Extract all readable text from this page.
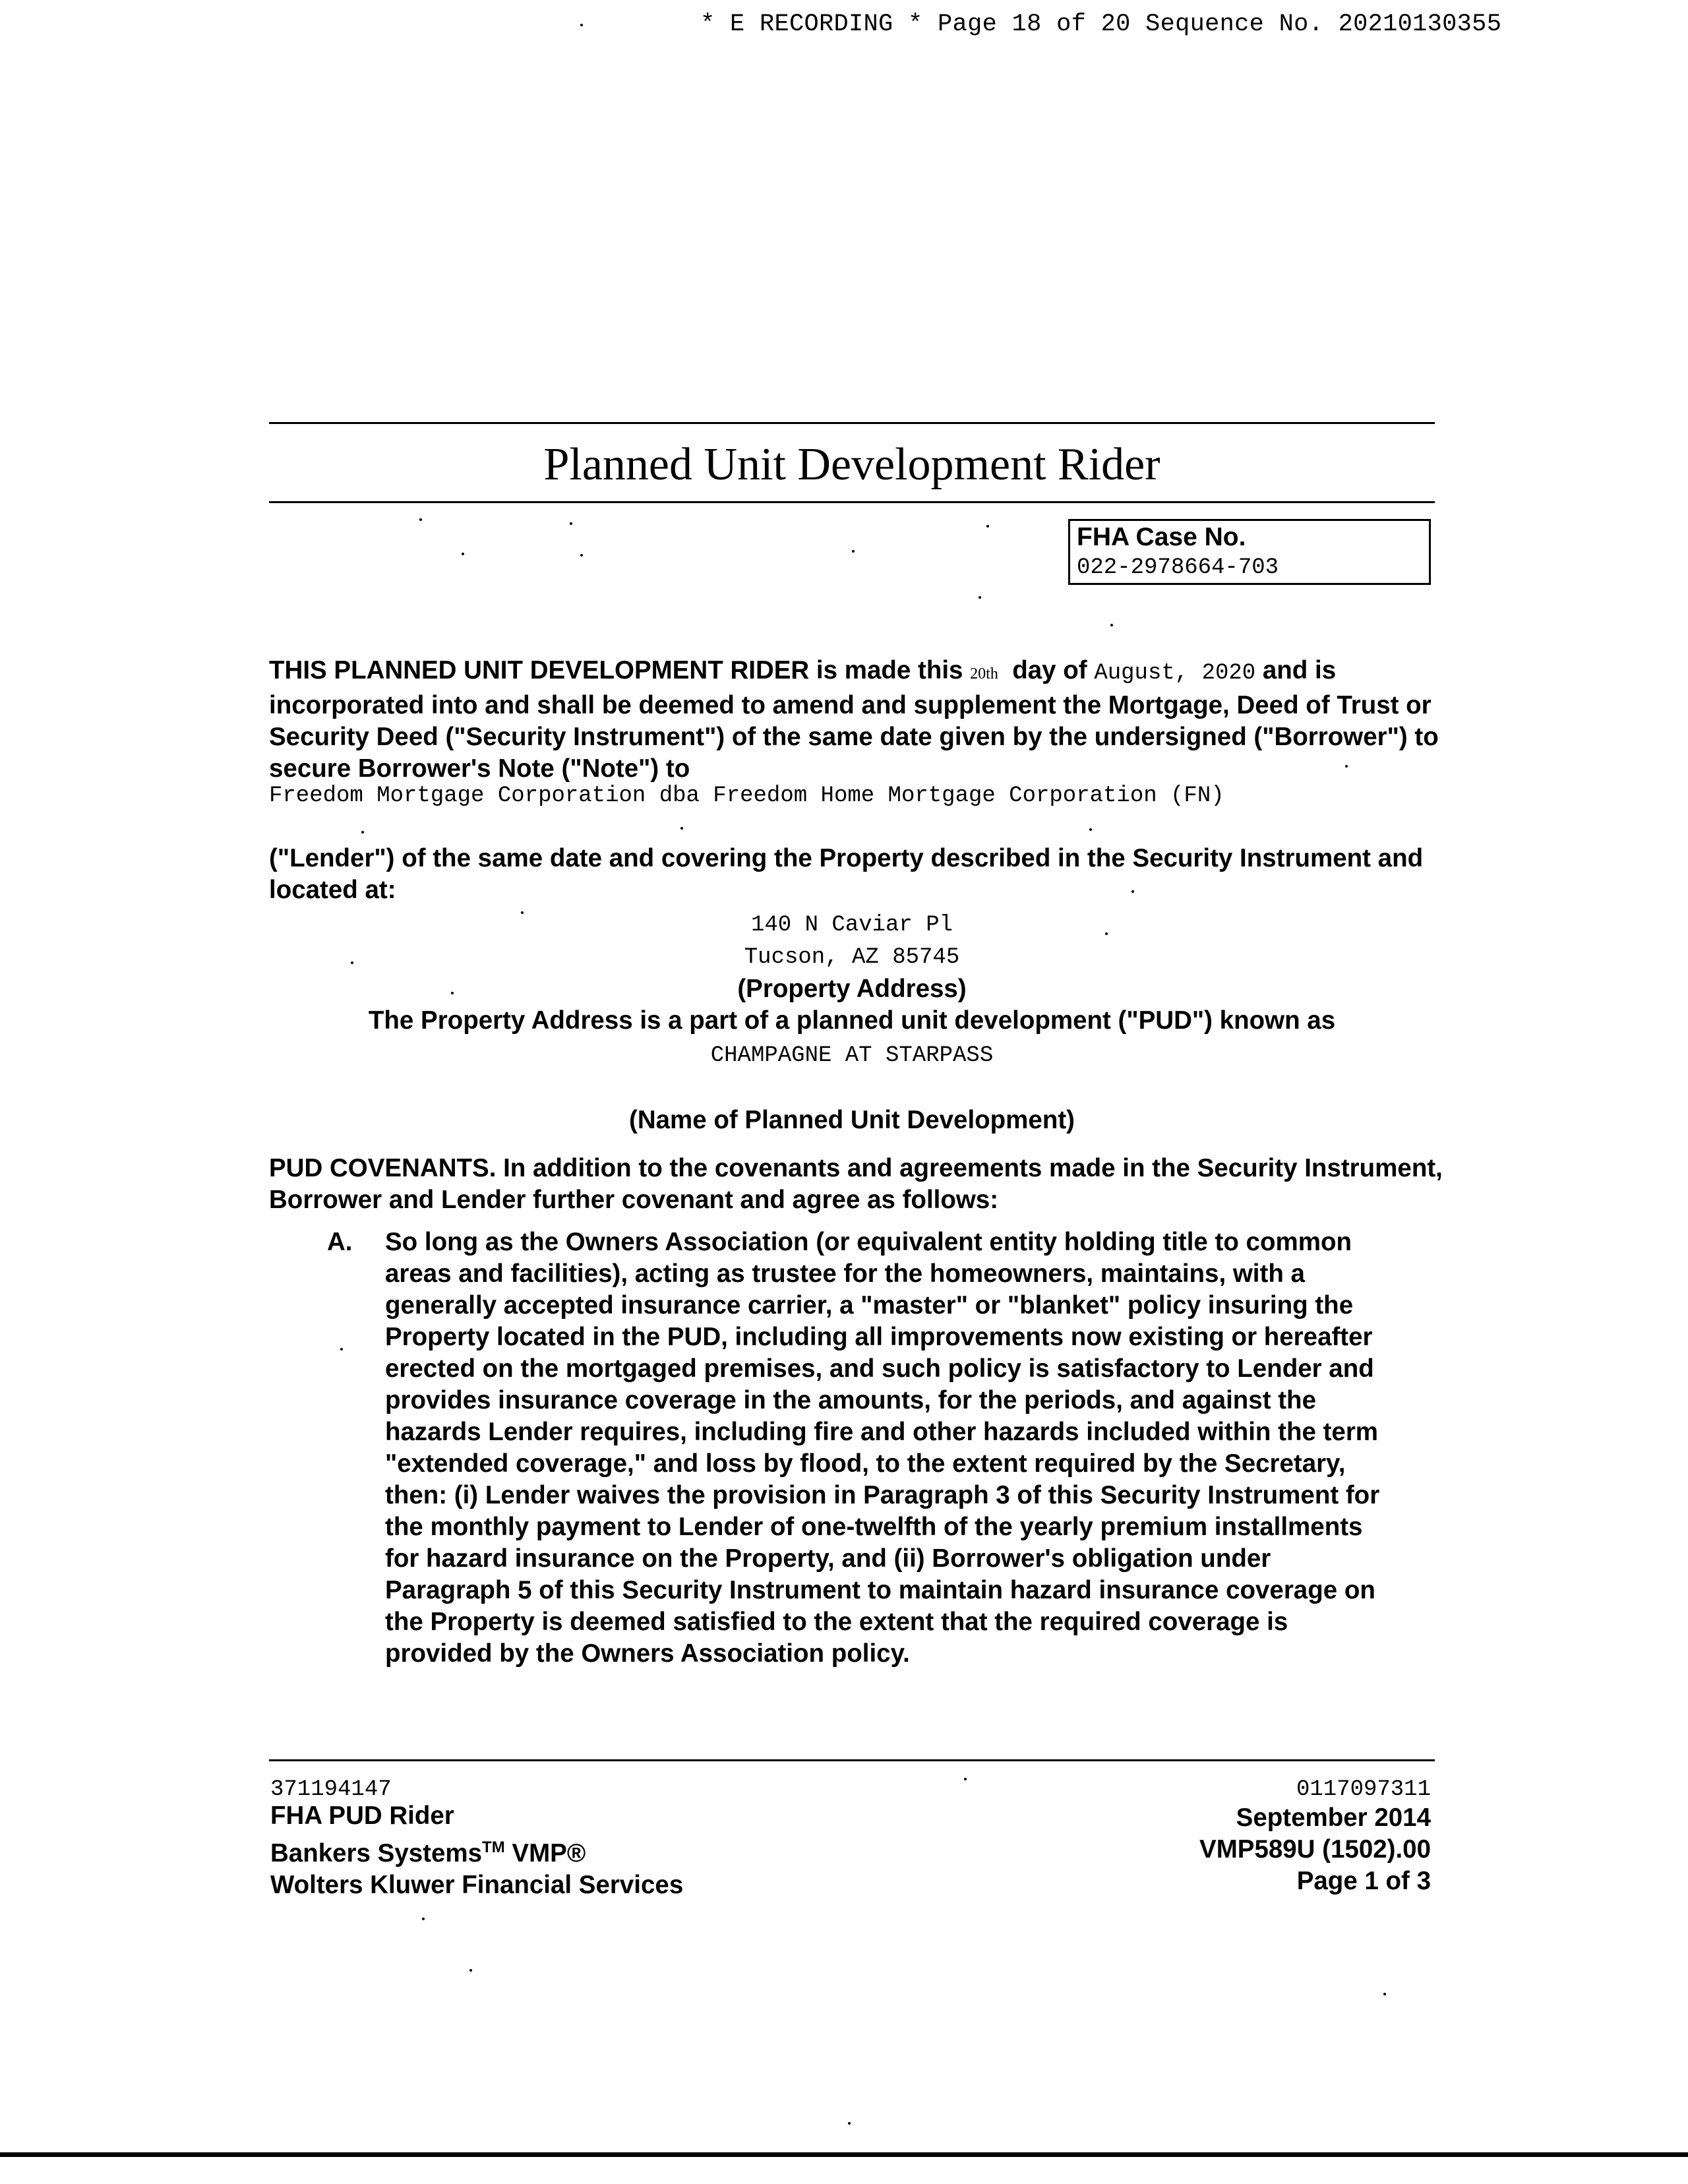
* E RECORDING * Page 18 of 20 Sequence No. 20210130355
Planned Unit Development Rider
FHA Case No.
022-2978664-703
THIS PLANNED UNIT DEVELOPMENT RIDER is made this 20th day of August, 2020 and is incorporated into and shall be deemed to amend and supplement the Mortgage, Deed of Trust or Security Deed ("Security Instrument") of the same date given by the undersigned ("Borrower") to secure Borrower's Note ("Note") to
Freedom Mortgage Corporation dba Freedom Home Mortgage Corporation (FN)
("Lender") of the same date and covering the Property described in the Security Instrument and located at:
140 N Caviar Pl
Tucson, AZ 85745
(Property Address)
The Property Address is a part of a planned unit development ("PUD") known as
CHAMPAGNE AT STARPASS
(Name of Planned Unit Development)
PUD COVENANTS. In addition to the covenants and agreements made in the Security Instrument, Borrower and Lender further covenant and agree as follows:
A. So long as the Owners Association (or equivalent entity holding title to common areas and facilities), acting as trustee for the homeowners, maintains, with a generally accepted insurance carrier, a "master" or "blanket" policy insuring the Property located in the PUD, including all improvements now existing or hereafter erected on the mortgaged premises, and such policy is satisfactory to Lender and provides insurance coverage in the amounts, for the periods, and against the hazards Lender requires, including fire and other hazards included within the term "extended coverage," and loss by flood, to the extent required by the Secretary, then: (i) Lender waives the provision in Paragraph 3 of this Security Instrument for the monthly payment to Lender of one-twelfth of the yearly premium installments for hazard insurance on the Property, and (ii) Borrower's obligation under Paragraph 5 of this Security Instrument to maintain hazard insurance coverage on the Property is deemed satisfied to the extent that the required coverage is provided by the Owners Association policy.
371194147
FHA PUD Rider
Bankers Systems™ VMP®
Wolters Kluwer Financial Services
0117097311
September 2014
VMP589U (1502).00
Page 1 of 3
